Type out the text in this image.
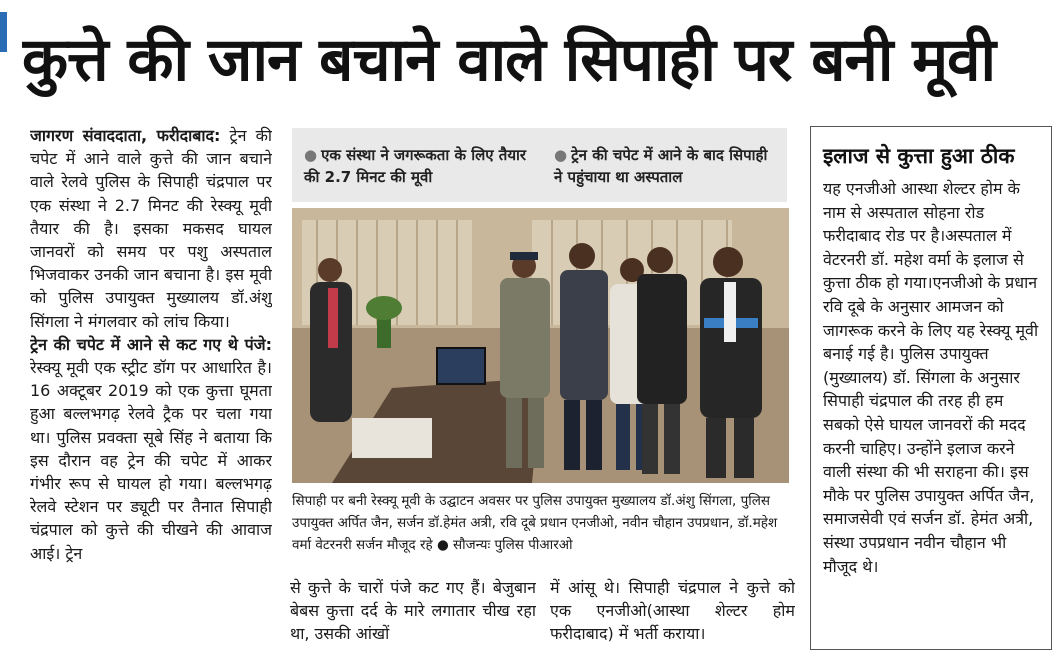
कुत्ते की जान बचाने वाले सिपाही पर बनी मूवी

जागरण संवाददाता, फरीदाबाद: ट्रेन की चपेट में आने वाले कुत्ते की जान बचाने वाले रेलवे पुलिस के सिपाही चंद्रपाल पर एक संस्था ने 2.7 मिनट की रेस्क्यू मूवी तैयार की है। इसका मकसद घायल जानवरों को समय पर पशु अस्पताल भिजवाकर उनकी जान बचाना है। इस मूवी को पुलिस उपायुक्त मुख्यालय डॉ.अंशु सिंगला ने मंगलवार को लांच किया।

ट्रेन की चपेट में आने से कट गए थे पंजे: रेस्क्यू मूवी एक स्ट्रीट डॉग पर आधारित है। 16 अक्टूबर 2019 को एक कुत्ता घूमता हुआ बल्लभगढ़ रेलवे ट्रैक पर चला गया था। पुलिस प्रवक्ता सूबे सिंह ने बताया कि इस दौरान वह ट्रेन की चपेट में आकर गंभीर रूप से घायल हो गया। बल्लभगढ़ रेलवे स्टेशन पर ड्यूटी पर तैनात सिपाही चंद्रपाल को कुत्ते की चीखने की आवाज आई। ट्रेन

● एक संस्था ने जगरूकता के लिए तैयार की 2.7 मिनट की मूवी
● ट्रेन की चपेट में आने के बाद सिपाही ने पहुंचाया था अस्पताल
सिपाही पर बनी रेस्क्यू मूवी के उद्घाटन अवसर पर पुलिस उपायुक्त मुख्यालय डॉ.अंशु सिंगला, पुलिस उपायुक्त अर्पित जैन, सर्जन डॉ.हेमंत अत्री, रवि दूबे प्रधान एनजीओ, नवीन चौहान उपप्रधान, डॉ.महेश वर्मा वेटरनरी सर्जन मौजूद रहे ● सौजन्यः पुलिस पीआरओ
से कुत्ते के चारों पंजे कट गए हैं। बेजुबान बेबस कुत्ता दर्द के मारे लगातार चीख रहा था, उसकी आंखों
में आंसू थे। सिपाही चंद्रपाल ने कुत्ते को एक एनजीओ(आस्था शेल्टर होम फरीदाबाद) में भर्ती कराया।
इलाज से कुत्ता हुआ ठीक
यह एनजीओ आस्था शेल्टर होम के नाम से अस्पताल सोहना रोड फरीदाबाद रोड पर है।अस्पताल में वेटरनरी डॉ. महेश वर्मा के इलाज से कुत्ता ठीक हो गया।एनजीओ के प्रधान रवि दूबे के अनुसार आमजन को जागरूक करने के लिए यह रेस्क्यू मूवी बनाई गई है। पुलिस उपायुक्त (मुख्यालय) डॉ. सिंगला के अनुसार सिपाही चंद्रपाल की तरह ही हम सबको ऐसे घायल जानवरों की मदद करनी चाहिए। उन्होंने इलाज करने वाली संस्था की भी सराहना की। इस मौके पर पुलिस उपायुक्त अर्पित जैन, समाजसेवी एवं सर्जन डॉ. हेमंत अत्री, संस्था उपप्रधान नवीन चौहान भी मौजूद थे।
